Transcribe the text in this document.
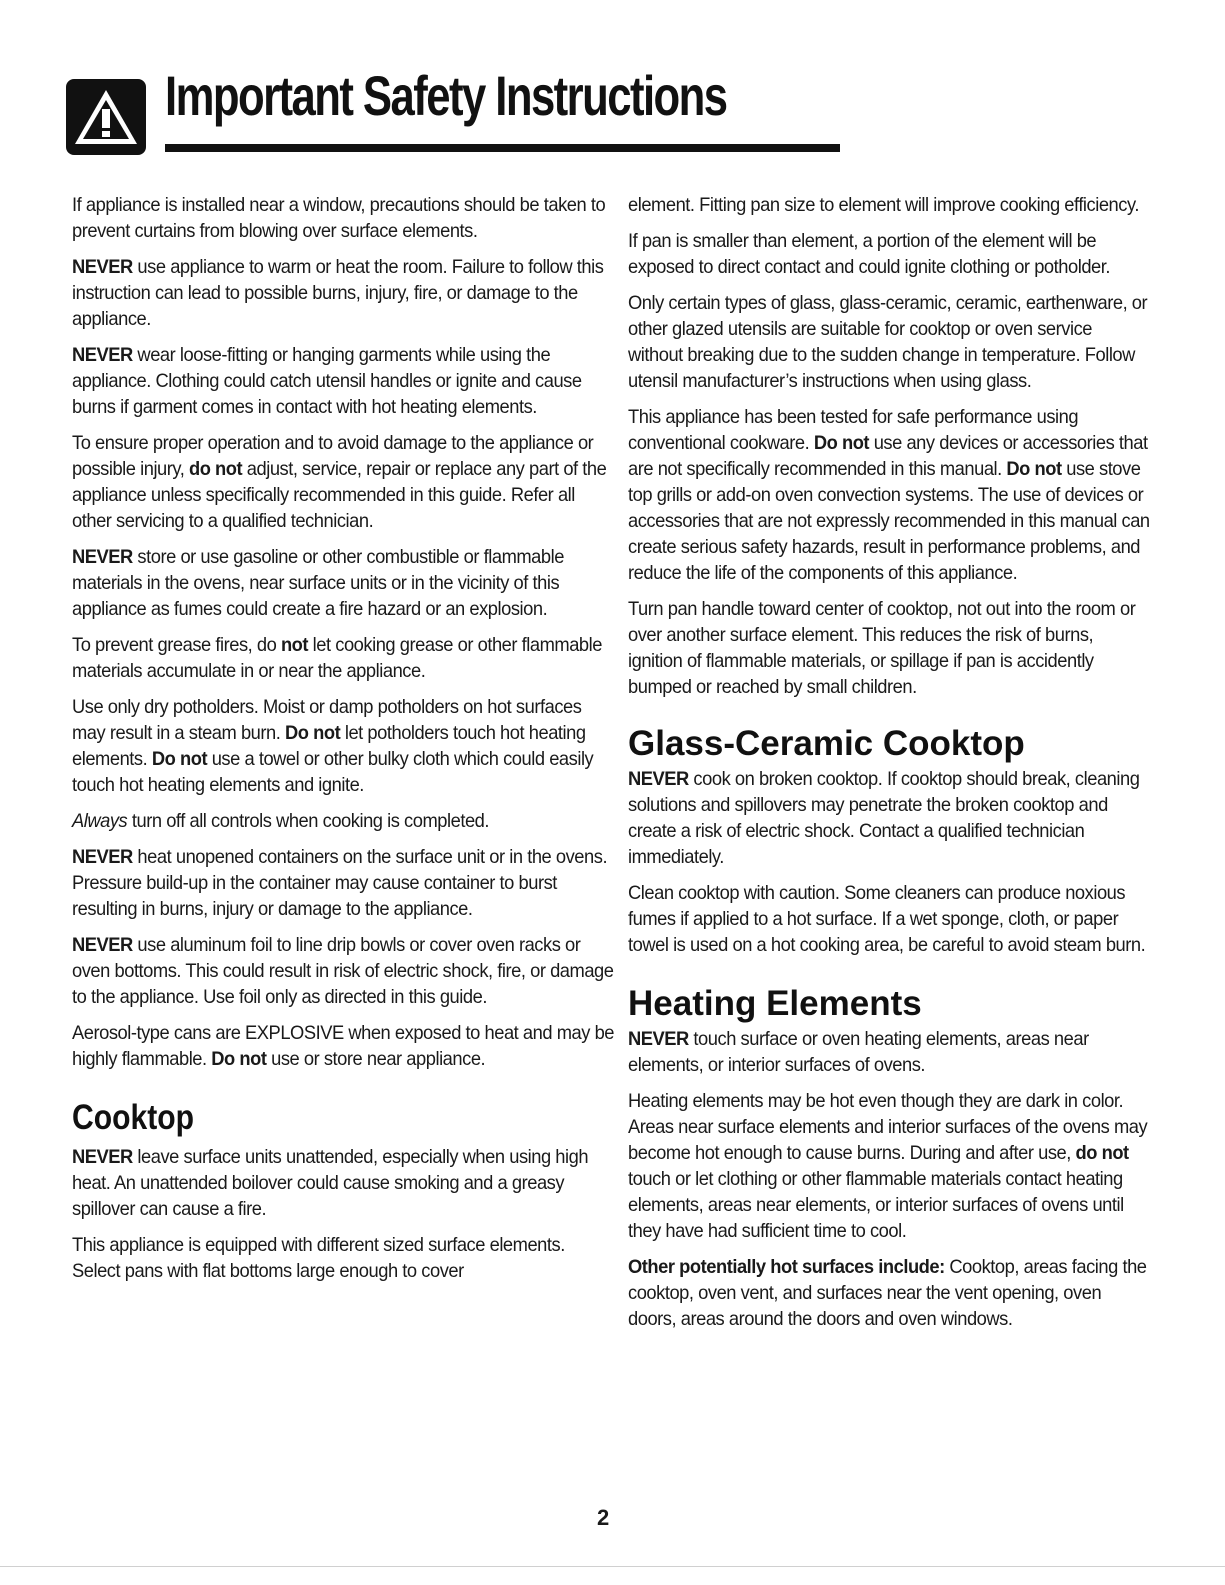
Important Safety Instructions

If appliance is installed near a window, precautions should be taken to prevent curtains from blowing over surface elements.

NEVER use appliance to warm or heat the room. Failure to follow this instruction can lead to possible burns, injury, fire, or damage to the appliance.

NEVER wear loose-fitting or hanging garments while using the appliance. Clothing could catch utensil handles or ignite and cause burns if garment comes in contact with hot heating elements.

To ensure proper operation and to avoid damage to the appliance or possible injury, do not adjust, service, repair or replace any part of the appliance unless specifically recommended in this guide. Refer all other servicing to a qualified technician.

NEVER store or use gasoline or other combustible or flammable materials in the ovens, near surface units or in the vicinity of this appliance as fumes could create a fire hazard or an explosion.

To prevent grease fires, do not let cooking grease or other flammable materials accumulate in or near the appliance.

Use only dry potholders. Moist or damp potholders on hot surfaces may result in a steam burn. Do not let potholders touch hot heating elements. Do not use a towel or other bulky cloth which could easily touch hot heating elements and ignite.

Always turn off all controls when cooking is completed.

NEVER heat unopened containers on the surface unit or in the ovens. Pressure build-up in the container may cause container to burst resulting in burns, injury or damage to the appliance.

NEVER use aluminum foil to line drip bowls or cover oven racks or oven bottoms. This could result in risk of electric shock, fire, or damage to the appliance. Use foil only as directed in this guide.

Aerosol-type cans are EXPLOSIVE when exposed to heat and may be highly flammable. Do not use or store near appliance.

Cooktop

NEVER leave surface units unattended, especially when using high heat. An unattended boilover could cause smoking and a greasy spillover can cause a fire.

This appliance is equipped with different sized surface elements. Select pans with flat bottoms large enough to cover

element. Fitting pan size to element will improve cooking efficiency.

If pan is smaller than element, a portion of the element will be exposed to direct contact and could ignite clothing or potholder.

Only certain types of glass, glass-ceramic, ceramic, earthenware, or other glazed utensils are suitable for cooktop or oven service without breaking due to the sudden change in temperature. Follow utensil manufacturer’s instructions when using glass.

This appliance has been tested for safe performance using conventional cookware. Do not use any devices or accessories that are not specifically recommended in this manual. Do not use stove top grills or add-on oven convection systems. The use of devices or accessories that are not expressly recommended in this manual can create serious safety hazards, result in performance problems, and reduce the life of the components of this appliance.

Turn pan handle toward center of cooktop, not out into the room or over another surface element. This reduces the risk of burns, ignition of flammable materials, or spillage if pan is accidently bumped or reached by small children.

Glass-Ceramic Cooktop

NEVER cook on broken cooktop. If cooktop should break, cleaning solutions and spillovers may penetrate the broken cooktop and create a risk of electric shock. Contact a qualified technician immediately.

Clean cooktop with caution. Some cleaners can produce noxious fumes if applied to a hot surface. If a wet sponge, cloth, or paper towel is used on a hot cooking area, be careful to avoid steam burn.

Heating Elements

NEVER touch surface or oven heating elements, areas near elements, or interior surfaces of ovens.

Heating elements may be hot even though they are dark in color. Areas near surface elements and interior surfaces of the ovens may become hot enough to cause burns. During and after use, do not touch or let clothing or other flammable materials contact heating elements, areas near elements, or interior surfaces of ovens until they have had sufficient time to cool.

Other potentially hot surfaces include: Cooktop, areas facing the cooktop, oven vent, and surfaces near the vent opening, oven doors, areas around the doors and oven windows.

2
